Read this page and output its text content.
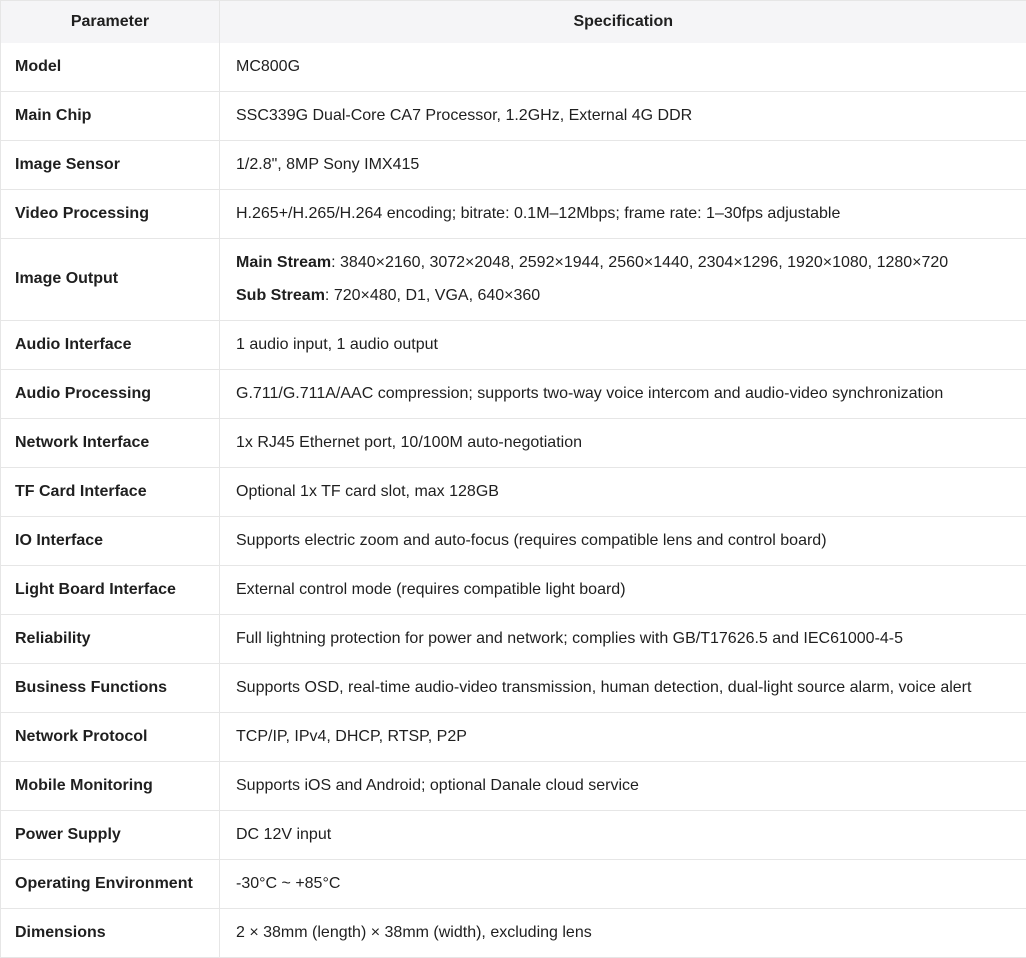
Parameter	Specification
Model	MC800G
Main Chip	SSC339G Dual-Core CA7 Processor, 1.2GHz, External 4G DDR
Image Sensor	1/2.8", 8MP Sony IMX415
Video Processing	H.265+/H.265/H.264 encoding; bitrate: 0.1M–12Mbps; frame rate: 1–30fps adjustable
Image Output	Main Stream: 3840×2160, 3072×2048, 2592×1944, 2560×1440, 2304×1296, 1920×1080, 1280×720
Sub Stream: 720×480, D1, VGA, 640×360

Audio Interface	1 audio input, 1 audio output
Audio Processing	G.711/G.711A/AAC compression; supports two-way voice intercom and audio-video synchronization
Network Interface	1x RJ45 Ethernet port, 10/100M auto-negotiation
TF Card Interface	Optional 1x TF card slot, max 128GB
IO Interface	Supports electric zoom and auto-focus (requires compatible lens and control board)
Light Board Interface	External control mode (requires compatible light board)
Reliability	Full lightning protection for power and network; complies with GB/T17626.5 and IEC61000-4-5
Business Functions	Supports OSD, real-time audio-video transmission, human detection, dual-light source alarm, voice alert
Network Protocol	TCP/IP, IPv4, DHCP, RTSP, P2P
Mobile Monitoring	Supports iOS and Android; optional Danale cloud service
Power Supply	DC 12V input
Operating Environment	-30°C ~ +85°C
Dimensions	2 × 38mm (length) × 38mm (width), excluding lens
